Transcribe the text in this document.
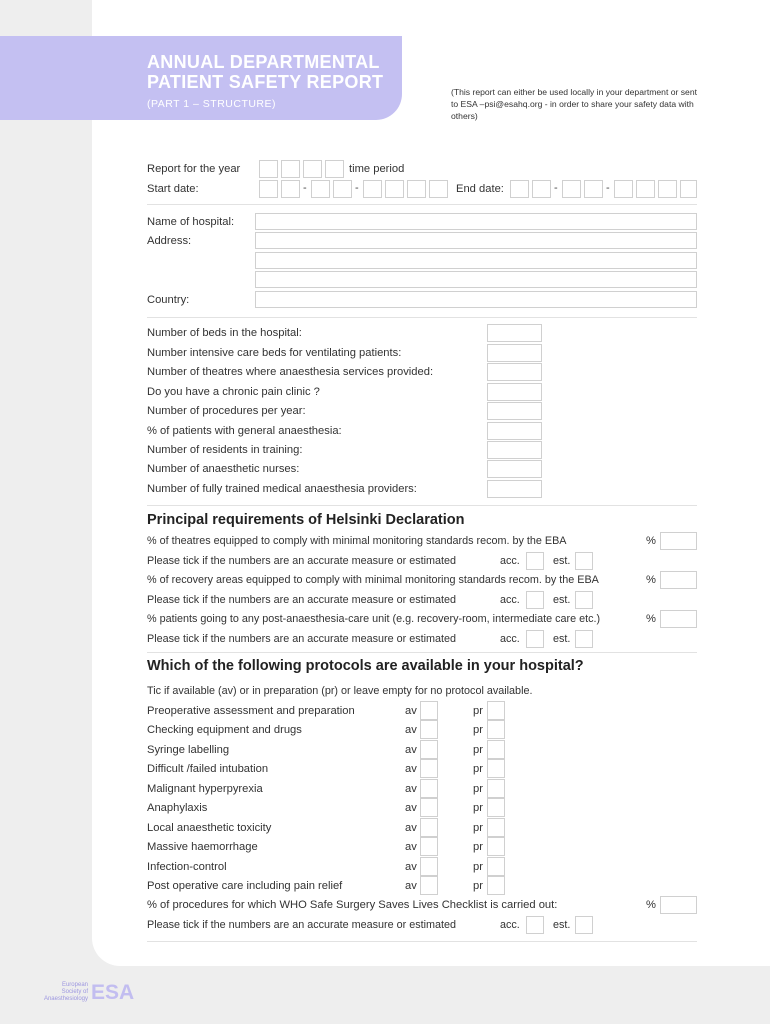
ANNUAL DEPARTMENTAL
PATIENT SAFETY REPORT
(PART 1 – STRUCTURE)
(This report can either be used locally in your department or sent to ESA –psi@esahq.org - in order to share your safety data with others)
Report for the year	time period
Start date:	-	-	End date:	-	-
Name of hospital:
Address:
Country:
Number of beds in the hospital:
Number intensive care beds for ventilating patients:
Number of theatres where anaesthesia services provided:
Do you have a chronic pain clinic ?
Number of procedures per year:
% of patients with general anaesthesia:
Number of residents in training:
Number of anaesthetic nurses:
Number of fully trained medical anaesthesia providers:
Principal requirements of Helsinki Declaration
% of theatres equipped to comply with minimal monitoring standards recom. by the EBA	%
Please tick if the numbers are an accurate measure or estimated	acc.	est.
% of recovery areas equipped to comply with minimal monitoring standards recom. by the EBA	%
Please tick if the numbers are an accurate measure or estimated	acc.	est.
% patients going to any post-anaesthesia-care unit (e.g. recovery-room, intermediate care etc.)	%
Please tick if the numbers are an accurate measure or estimated	acc.	est.
Which of the following protocols are available in your hospital?
Tic if available (av) or in preparation (pr) or leave empty for no protocol available.
Preoperative assessment and preparation	av	pr
Checking equipment and drugs	av	pr
Syringe labelling	av	pr
Difficult /failed intubation	av	pr
Malignant hyperpyrexia	av	pr
Anaphylaxis	av	pr
Local anaesthetic toxicity	av	pr
Massive haemorrhage	av	pr
Infection-control	av	pr
Post operative care including pain relief	av	pr
% of procedures for which WHO Safe Surgery Saves Lives Checklist is carried out:	%
Please tick if the numbers are an accurate measure or estimated	acc.	est.
European
Society of
Anaesthesiology ESA
